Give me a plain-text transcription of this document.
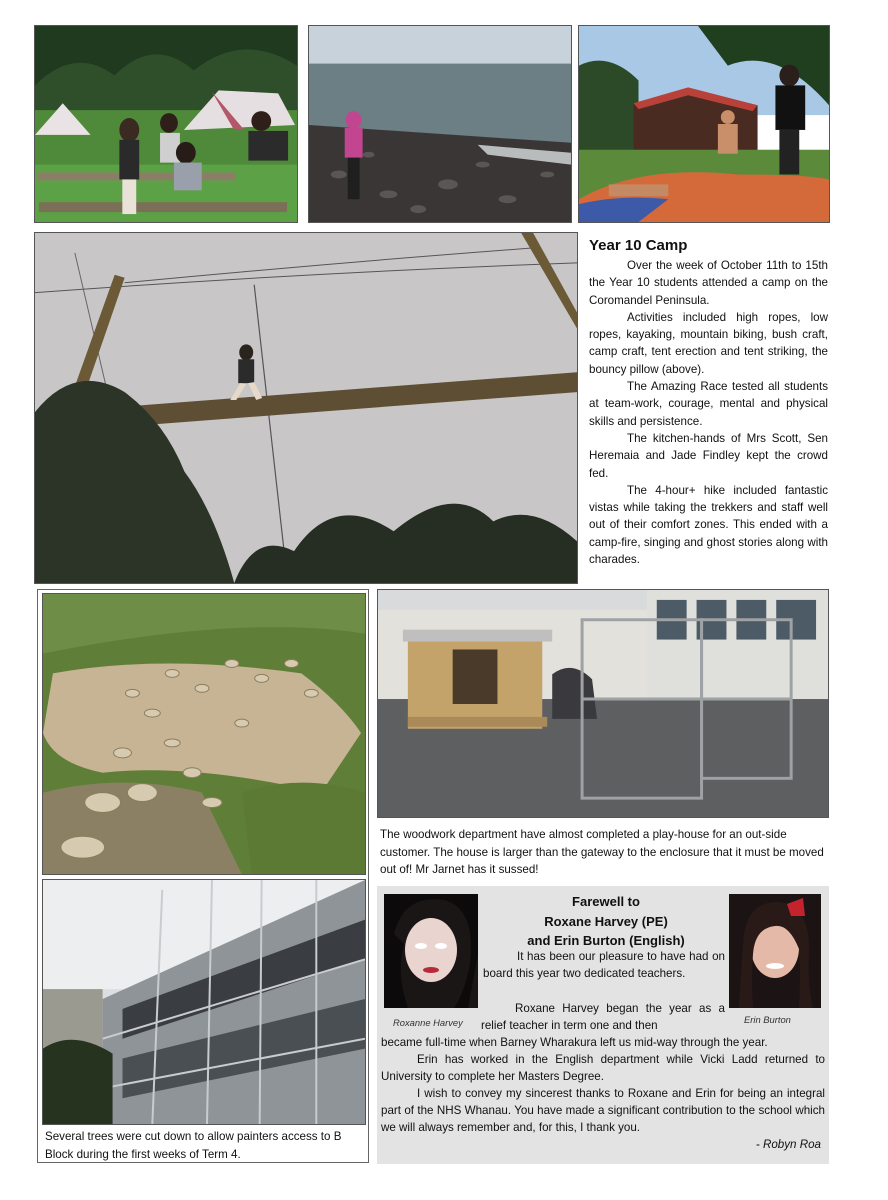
Year 10 Camp

Over the week of October 11th to 15th the Year 10 students attended a camp on the Coromandel Peninsula.

Activities included high ropes, low ropes, kayaking, mountain biking, bush craft, camp craft, tent erection and tent striking, the bouncy pillow (above).

The Amazing Race tested all students at team-work, courage, mental and physical skills and persistence.

The kitchen-hands of Mrs Scott, Sen Heremaia and Jade Findley kept the crowd fed.

The 4-hour+ hike included fantastic vistas while taking the trekkers and staff well out of their comfort zones. This ended with a camp-fire, singing and ghost stories along with charades.

Several trees were cut down to allow painters access to B Block during the first weeks of Term 4.
The woodwork department have almost completed a play-house for an out-side customer. The house is larger than the gateway to the enclosure that it must be moved out of! Mr Jarnet has it sussed!
Roxanne Harvey	Erin Burton
Farewell to
Roxane Harvey (PE)
and Erin Burton (English)
It has been our pleasure to have had on board this year two dedicated teachers.
Roxane Harvey began the year as a relief teacher in term one and then
became full-time when Barney Wharakura left us mid-way through the year.
Erin has worked in the English department while Vicki Ladd returned to University to complete her Masters Degree.
I wish to convey my sincerest thanks to Roxane and Erin for being an integral part of the NHS Whanau. You have made a significant contribution to the school which we will always remember and, for this, I thank you.
- Robyn Roa
